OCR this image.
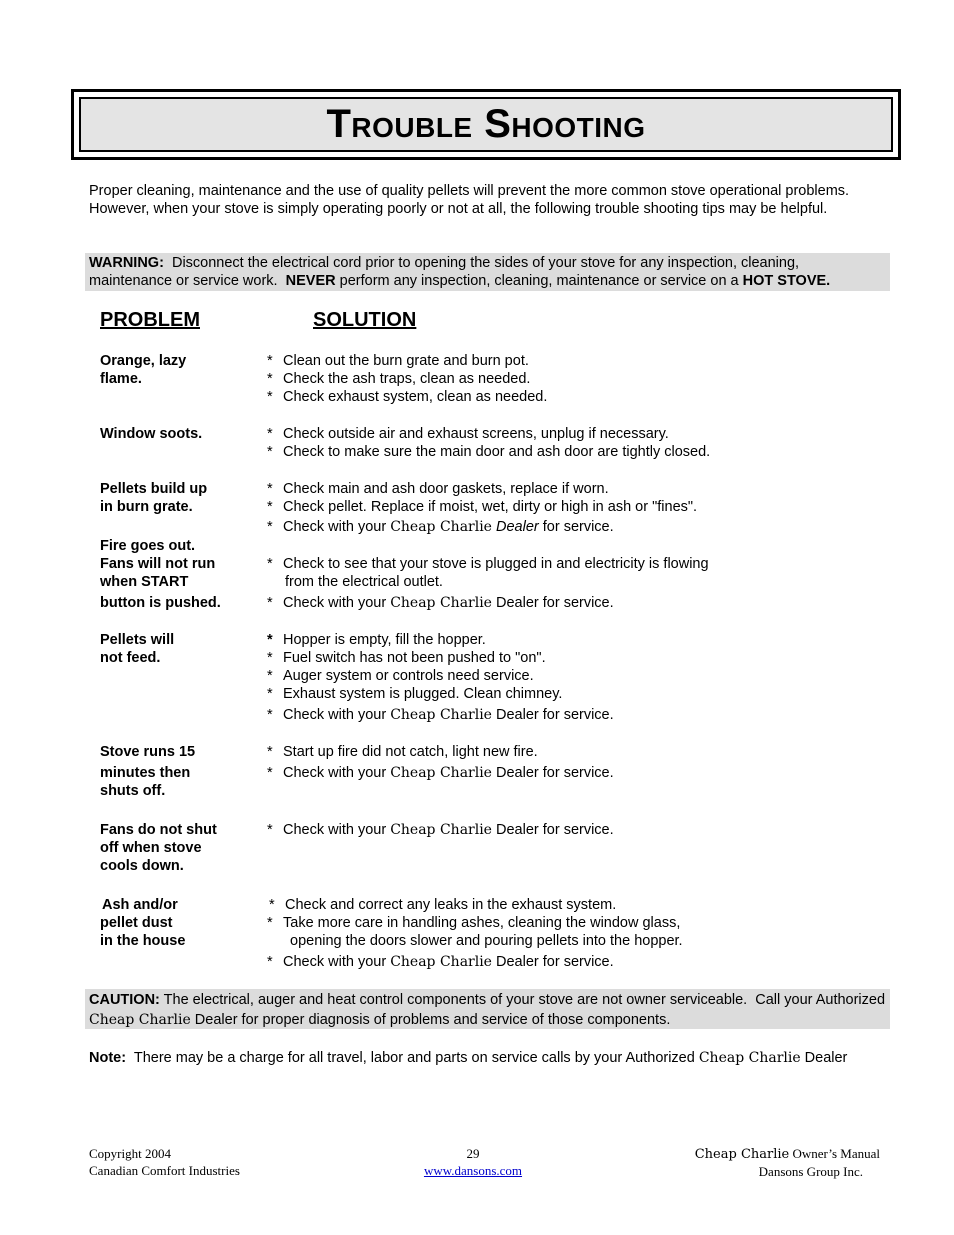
Trouble Shooting

Proper cleaning, maintenance and the use of quality pellets will prevent the more common stove operational problems. However, when your stove is simply operating poorly or not at all, the following trouble shooting tips may be helpful.

WARNING:  Disconnect the electrical cord prior to opening the sides of your stove for any inspection, cleaning, maintenance or service work.  NEVER perform any inspection, cleaning, maintenance or service on a HOT STOVE.
PROBLEM	SOLUTION
Orange, lazy
flame.
* Clean out the burn grate and burn pot.
* Check the ash traps, clean as needed.
* Check exhaust system, clean as needed.
Window soots.	* Check outside air and exhaust screens, unplug if necessary.
* Check to make sure the main door and ash door are tightly closed.
Pellets build up
in burn grate.
* Check main and ash door gaskets, replace if worn.
* Check pellet. Replace if moist, wet, dirty or high in ash or "fines".
* Check with your Cheap Charlie Dealer for service.
Fire goes out.
Fans will not run
when START
button is pushed.
* Check to see that your stove is plugged in and electricity is flowing
from the electrical outlet.
* Check with your Cheap Charlie Dealer for service.
Pellets will
not feed.
* Hopper is empty, fill the hopper.
* Fuel switch has not been pushed to "on".
* Auger system or controls need service.
* Exhaust system is plugged. Clean chimney.
* Check with your Cheap Charlie Dealer for service.
Stove runs 15
minutes then
shuts off.
* Start up fire did not catch, light new fire.
* Check with your Cheap Charlie Dealer for service.
Fans do not shut
off when stove
cools down.
* Check with your Cheap Charlie Dealer for service.
Ash and/or
pellet dust
in the house
* Check and correct any leaks in the exhaust system.
* Take more care in handling ashes, cleaning the window glass,
opening the doors slower and pouring pellets into the hopper.
* Check with your Cheap Charlie Dealer for service.
CAUTION: The electrical, auger and heat control components of your stove are not owner serviceable.  Call your Authorized Cheap Charlie Dealer for proper diagnosis of problems and service of those components.
Note:  There may be a charge for all travel, labor and parts on service calls by your Authorized Cheap Charlie Dealer
Copyright 2004
Canadian Comfort Industries
29
www.dansons.com
Cheap Charlie Owner’s Manual
Dansons Group Inc.
